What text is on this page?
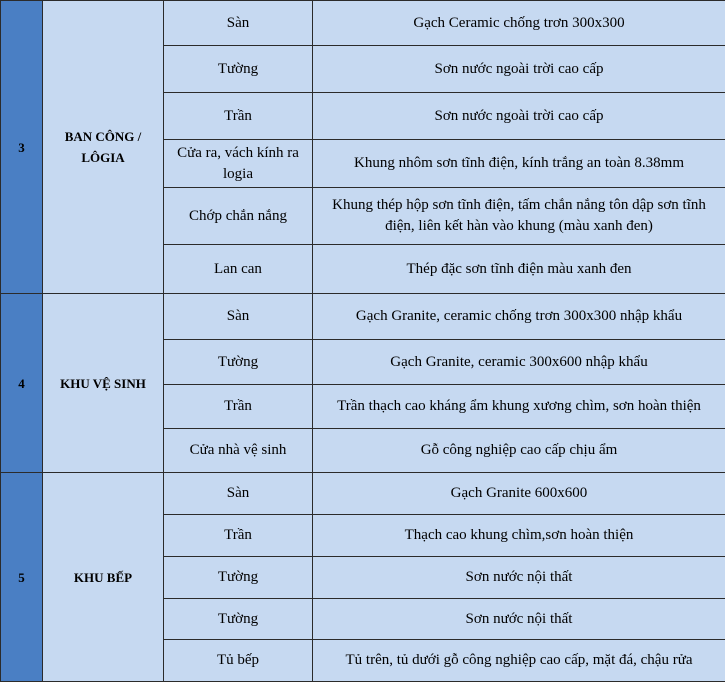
3	BAN CÔNG / LÔGIA	Sàn	Gạch Ceramic chống trơn 300x300
		Tường	Sơn nước ngoài trời cao cấp
		Trần	Sơn nước ngoài trời cao cấp
		Cửa ra, vách kính ra logia	Khung nhôm sơn tĩnh điện, kính trắng an toàn 8.38mm
		Chớp chắn nắng	Khung thép hộp sơn tĩnh điện, tấm chắn nắng tôn dập sơn tĩnh điện, liên kết hàn vào khung (màu xanh đen)
		Lan can	Thép đặc sơn tĩnh điện màu xanh đen
4	KHU VỆ SINH	Sàn	Gạch Granite, ceramic chống trơn 300x300 nhập khẩu
		Tường	Gạch Granite, ceramic 300x600 nhập khẩu
		Trần	Trần thạch cao kháng ẩm khung xương chìm, sơn hoàn thiện
		Cửa nhà vệ sinh	Gỗ công nghiệp cao cấp chịu ẩm
5	KHU BẾP	Sàn	Gạch Granite 600x600
		Trần	Thạch cao khung chìm,sơn hoàn thiện
		Tường	Sơn nước nội thất
		Tường	Sơn nước nội thất
		Tủ bếp	Tủ trên, tủ dưới gỗ công nghiệp cao cấp, mặt đá, chậu rửa
